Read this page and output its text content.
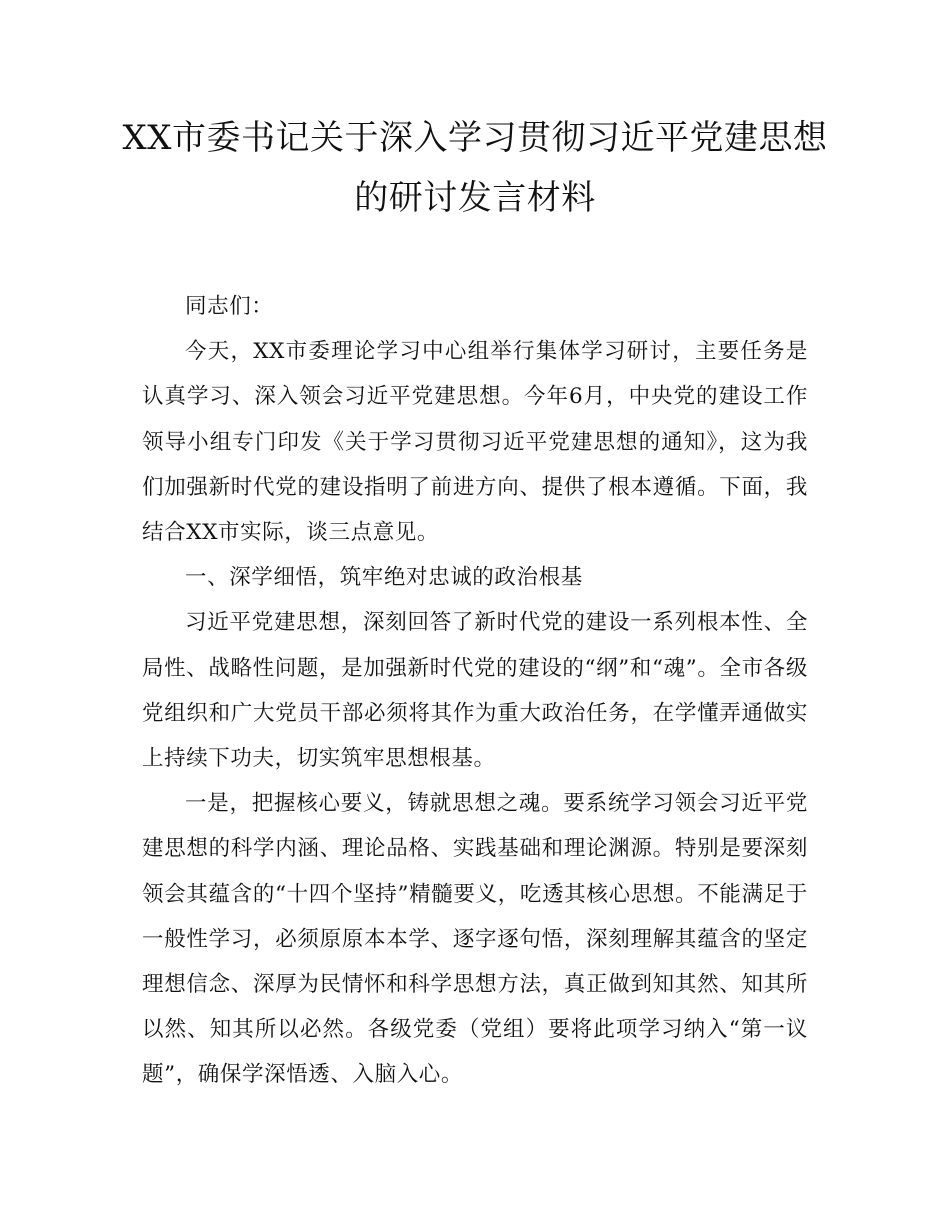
XX市委书记关于深入学习贯彻习近平党建思想的研讨发言材料

同志们：

今天，XX市委理论学习中心组举行集体学习研讨，主要任务是认真学习、深入领会习近平党建思想。今年6月，中央党的建设工作领导小组专门印发《关于学习贯彻习近平党建思想的通知》，这为我们加强新时代党的建设指明了前进方向、提供了根本遵循。下面，我结合XX市实际，谈三点意见。

一、深学细悟，筑牢绝对忠诚的政治根基

习近平党建思想，深刻回答了新时代党的建设一系列根本性、全局性、战略性问题，是加强新时代党的建设的“纲”和“魂”。全市各级党组织和广大党员干部必须将其作为重大政治任务，在学懂弄通做实上持续下功夫，切实筑牢思想根基。

一是，把握核心要义，铸就思想之魂。要系统学习领会习近平党建思想的科学内涵、理论品格、实践基础和理论渊源。特别是要深刻领会其蕴含的“十四个坚持”精髓要义，吃透其核心思想。不能满足于一般性学习，必须原原本本学、逐字逐句悟，深刻理解其蕴含的坚定理想信念、深厚为民情怀和科学思想方法，真正做到知其然、知其所以然、知其所以必然。各级党委（党组）要将此项学习纳入“第一议题”，确保学深悟透、入脑入心。
